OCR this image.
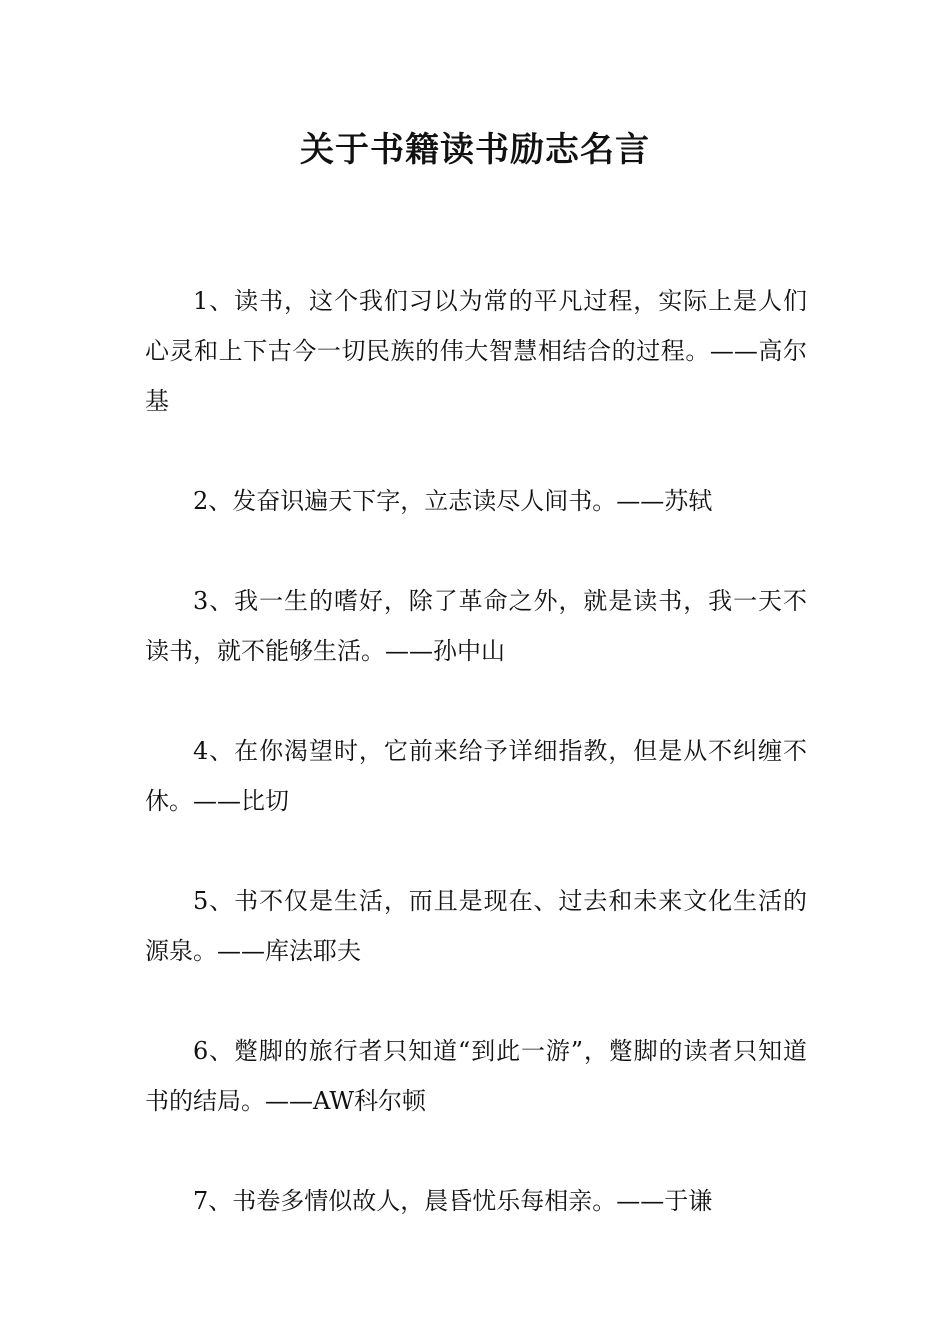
关于书籍读书励志名言

1、读书，这个我们习以为常的平凡过程，实际上是人们心灵和上下古今一切民族的伟大智慧相结合的过程。——高尔基

2、发奋识遍天下字，立志读尽人间书。——苏轼

3、我一生的嗜好，除了革命之外，就是读书，我一天不读书，就不能够生活。——孙中山

4、在你渴望时，它前来给予详细指教，但是从不纠缠不休。——比切

5、书不仅是生活，而且是现在、过去和未来文化生活的源泉。——库法耶夫

6、蹩脚的旅行者只知道“到此一游”，蹩脚的读者只知道书的结局。——AW科尔顿

7、书卷多情似故人，晨昏忧乐每相亲。——于谦
